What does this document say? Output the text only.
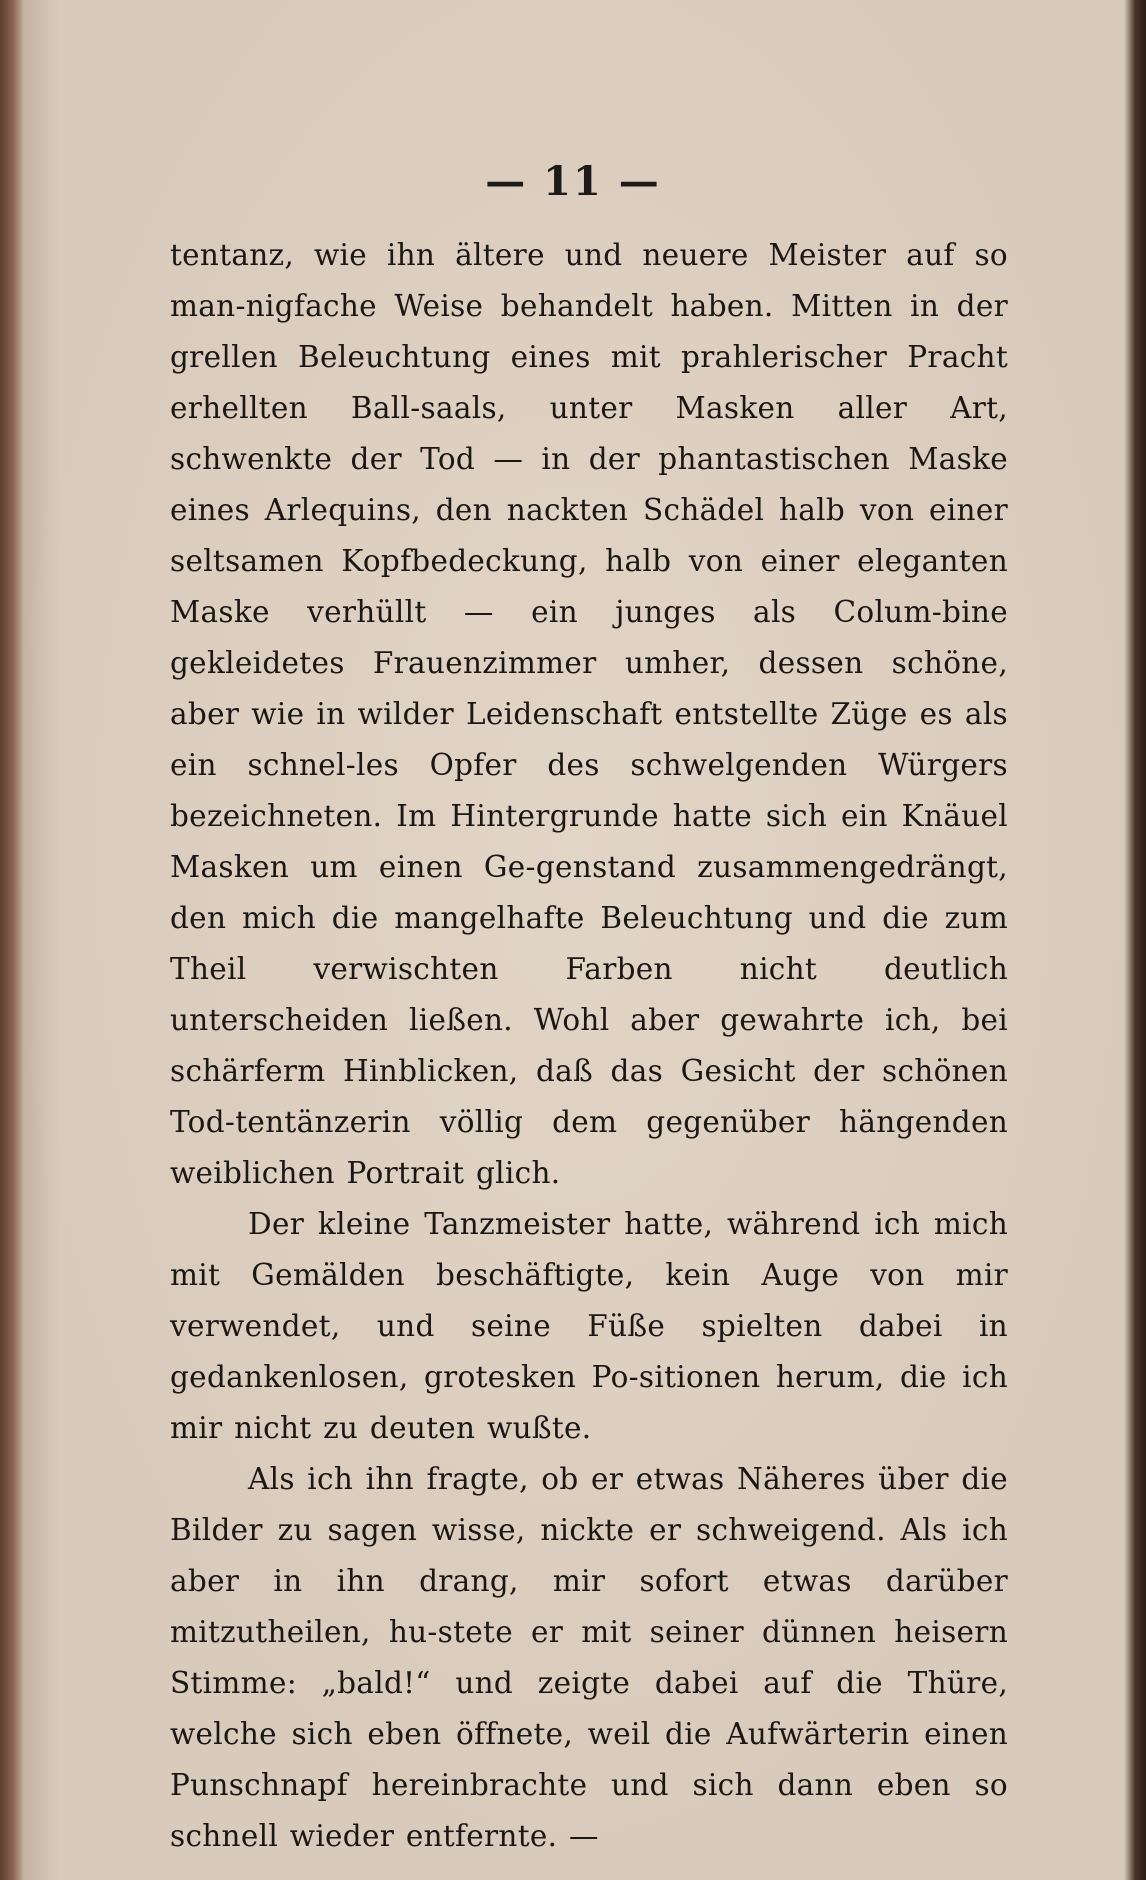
— 11 —

tentanz, wie ihn ältere und neuere Meister auf so man-nigfache Weise behandelt haben. Mitten in der grellen Beleuchtung eines mit prahlerischer Pracht erhellten Ball-saals, unter Masken aller Art, schwenkte der Tod — in der phantastischen Maske eines Arlequins, den nackten Schädel halb von einer seltsamen Kopfbedeckung, halb von einer eleganten Maske verhüllt — ein junges als Colum-bine gekleidetes Frauenzimmer umher, dessen schöne, aber wie in wilder Leidenschaft entstellte Züge es als ein schnel-les Opfer des schwelgenden Würgers bezeichneten. Im Hintergrunde hatte sich ein Knäuel Masken um einen Ge-genstand zusammengedrängt, den mich die mangelhafte Beleuchtung und die zum Theil verwischten Farben nicht deutlich unterscheiden ließen. Wohl aber gewahrte ich, bei schärferm Hinblicken, daß das Gesicht der schönen Tod-tentänzerin völlig dem gegenüber hängenden weiblichen Portrait glich.

Der kleine Tanzmeister hatte, während ich mich mit Gemälden beschäftigte, kein Auge von mir verwendet, und seine Füße spielten dabei in gedankenlosen, grotesken Po-sitionen herum, die ich mir nicht zu deuten wußte.

Als ich ihn fragte, ob er etwas Näheres über die Bilder zu sagen wisse, nickte er schweigend. Als ich aber in ihn drang, mir sofort etwas darüber mitzutheilen, hu-stete er mit seiner dünnen heisern Stimme: „bald!“ und zeigte dabei auf die Thüre, welche sich eben öffnete, weil die Aufwärterin einen Punschnapf hereinbrachte und sich dann eben so schnell wieder entfernte. —
